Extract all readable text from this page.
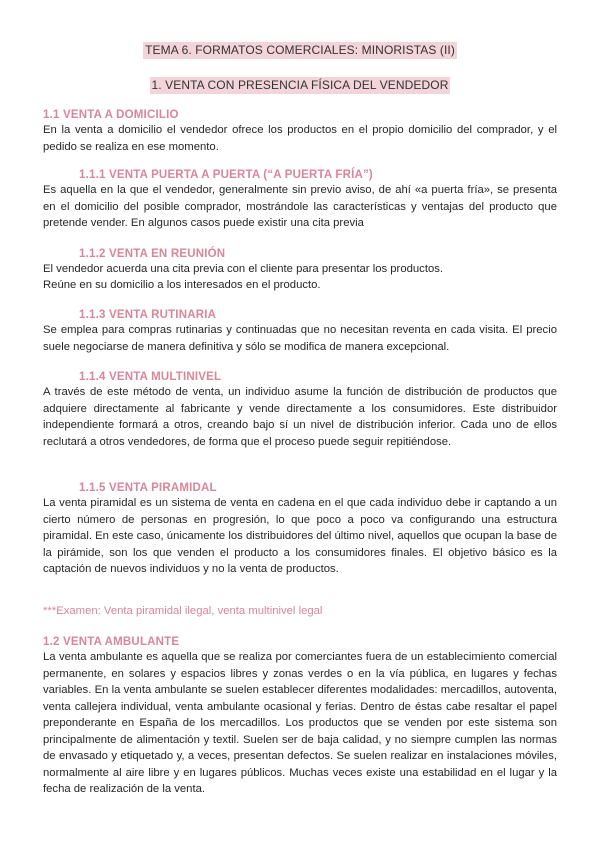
TEMA 6. FORMATOS COMERCIALES: MINORISTAS (II)
1. VENTA CON PRESENCIA FÍSICA DEL VENDEDOR
1.1 VENTA A DOMICILIO
En la venta a domicilio el vendedor ofrece los productos en el propio domicilio del comprador, y el pedido se realiza en ese momento.
1.1.1 VENTA PUERTA A PUERTA (“A PUERTA FRÍA”)
Es aquella en la que el vendedor, generalmente sin previo aviso, de ahí «a puerta fría», se presenta en el domicilio del posible comprador, mostrándole las características y ventajas del producto que pretende vender. En algunos casos puede existir una cita previa
1.1.2 VENTA EN REUNIÓN
El vendedor acuerda una cita previa con el cliente para presentar los productos.
Reúne en su domicilio a los interesados en el producto.
1.1.3 VENTA RUTINARIA
Se emplea para compras rutinarias y continuadas que no necesitan reventa en cada visita. El precio suele negociarse de manera definitiva y sólo se modifica de manera excepcional.
1.1.4 VENTA MULTINIVEL
A través de este método de venta, un individuo asume la función de distribución de productos que adquiere directamente al fabricante y vende directamente a los consumidores. Este distribuidor independiente formará a otros, creando bajo sí un nivel de distribución inferior. Cada uno de ellos reclutará a otros vendedores, de forma que el proceso puede seguir repitiéndose.
1.1.5 VENTA PIRAMIDAL
La venta piramidal es un sistema de venta en cadena en el que cada individuo debe ir captando a un cierto número de personas en progresión, lo que poco a poco va configurando una estructura piramidal. En este caso, únicamente los distribuidores del último nivel, aquellos que ocupan la base de la pirámide, son los que venden el producto a los consumidores finales. El objetivo básico es la captación de nuevos individuos y no la venta de productos.
***Examen: Venta piramidal ilegal, venta multinivel legal
1.2 VENTA AMBULANTE
La venta ambulante es aquella que se realiza por comerciantes fuera de un establecimiento comercial permanente, en solares y espacios libres y zonas verdes o en la vía pública, en lugares y fechas variables. En la venta ambulante se suelen establecer diferentes modalidades: mercadillos, autoventa, venta callejera individual, venta ambulante ocasional y ferias. Dentro de éstas cabe resaltar el papel preponderante en España de los mercadillos. Los productos que se venden por este sistema son principalmente de alimentación y textil. Suelen ser de baja calidad, y no siempre cumplen las normas de envasado y etiquetado y, a veces, presentan defectos. Se suelen realizar en instalaciones móviles, normalmente al aire libre y en lugares públicos. Muchas veces existe una estabilidad en el lugar y la fecha de realización de la venta.
